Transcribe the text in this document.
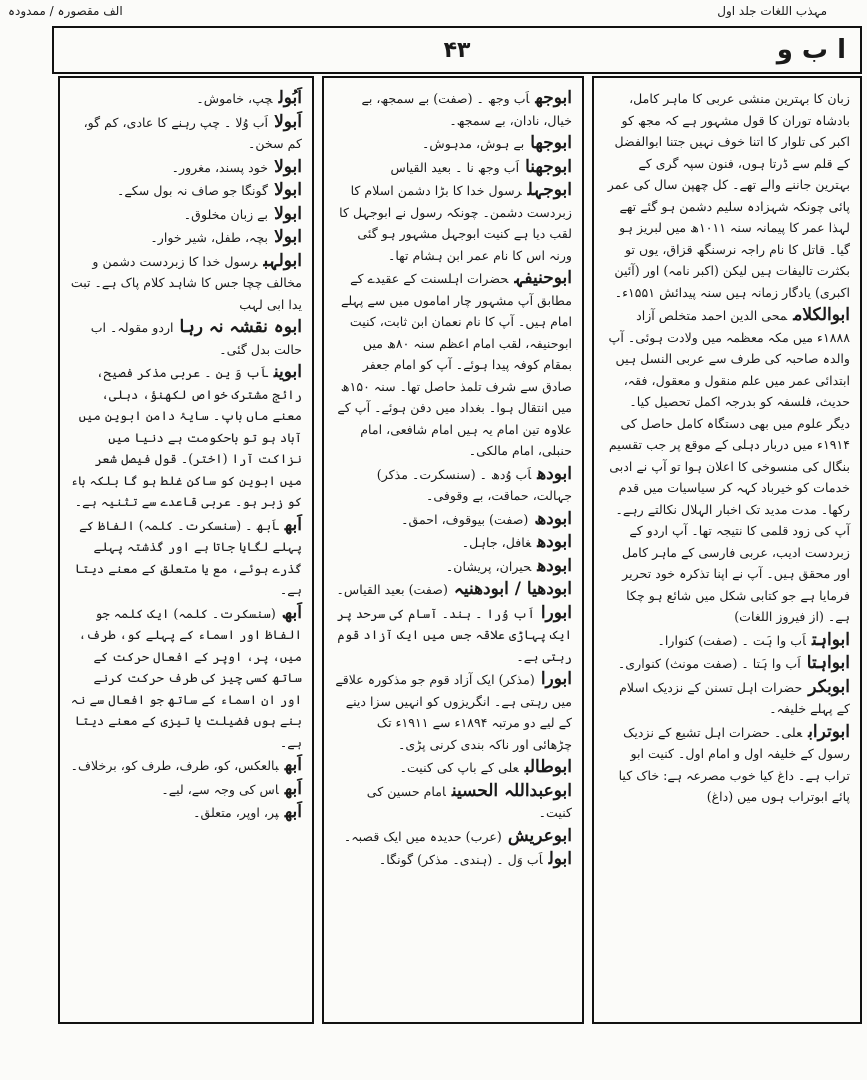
الف مقصورہ / ممدودہ	مہذب اللغات جلد اول
۴۳	ا ب و
زبان کا بہترین منشی عربی کا ماہر کامل، بادشاہ توران کا قول مشہور ہے کہ مجھ کو اکبر کی تلوار کا اتنا خوف نہیں جتنا ابوالفضل کے قلم سے ڈرتا ہوں، فنون سپہ گری کے بہترین جاننے والے تھے۔ کل چھپن سال کی عمر پائی چونکہ شہزادہ سلیم دشمن ہو گئے تھے لہذا عمر کا پیمانہ سنہ ۱۰۱۱ھ میں لبریز ہو گیا۔ قاتل کا نام راجہ نرسنگھ قزاق، یوں تو بکثرت تالیفات ہیں لیکن (اکبر نامہ) اور (آئین اکبری) یادگار زمانہ ہیں سنہ پیدائش ۱۵۵۱ء۔
ابوالکلاممحی الدین احمد متخلص آزاد ۱۸۸۸ء میں مکہ معظمہ میں ولادت ہوئی۔ آپ والدہ صاحبہ کی طرف سے عربی النسل ہیں ابتدائی عمر میں علم منقول و معقول، فقہ، حدیث، فلسفہ کو بدرجہ اکمل تحصیل کیا۔ دیگر علوم میں بھی دستگاہ کامل حاصل کی ۱۹۱۴ء میں دربار دہلی کے موقع پر جب تقسیم بنگال کی منسوخی کا اعلان ہوا تو آپ نے ادبی خدمات کو خیرباد کہہ کر سیاسیات میں قدم رکھا۔ مدت مدید تک اخبار الہلال نکالتے رہے۔ آپ کی زود قلمی کا نتیجہ تھا۔ آپ اردو کے زبردست ادیب، عربی فارسی کے ماہر کامل اور محقق ہیں۔ آپ نے اپنا تذکرہ خود تحریر فرمایا ہے جو کتابی شکل میں شائع ہو چکا ہے۔ (از فیروز اللغات)
ابواہتاَب وا ہَت ۔ (صفت) کنوارا۔
ابواہتااَب وا ہَتا ۔ (صفت مونث) کنواری۔
ابوبکرحضرات اہل تسنن کے نزدیک اسلام کے پہلے خلیفہ۔
ابوترابعلی۔ حضرات اہل تشیع کے نزدیک رسول کے خلیفہ اول و امام اول۔ کنیت ابو تراب ہے۔ داغ کیا خوب مصرعہ ہے: خاک کیا پائے ابوتراب ہوں میں (داغ)
ابوجھاَب وجھ ۔ (صفت) بے سمجھ، بے خیال، نادان، بے سمجھ۔
ابوجھابے ہوش، مدہوش۔
ابوجھنااَب وجھ نا ۔ بعید القیاس
ابوجہلرسول خدا کا بڑا دشمن اسلام کا زبردست دشمن۔ چونکہ رسول نے ابوجہل کا لقب دیا ہے کنیت ابوجہل مشہور ہو گئی ورنہ اس کا نام عمر ابن ہشام تھا۔
ابوحنیفہحضرات اہلسنت کے عقیدے کے مطابق آپ مشہور چار اماموں میں سے پہلے امام ہیں۔ آپ کا نام نعمان ابن ثابت، کنیت ابوحنیفہ، لقب امام اعظم سنہ ۸۰ھ میں بمقام کوفہ پیدا ہوئے۔ آپ کو امام جعفر صادق سے شرف تلمذ حاصل تھا۔ سنہ ۱۵۰ھ میں انتقال ہوا۔ بغداد میں دفن ہوئے۔ آپ کے علاوہ تین امام یہ ہیں امام شافعی، امام حنبلی، امام مالکی۔
ابودھاَب وُدھ ۔ (سنسکرت۔ مذکر) جہالت، حماقت، بے وقوفی۔
ابودھ(صفت) بیوقوف، احمق۔
ابودھغافل، جاہل۔
ابودھحیران، پریشان۔
ابودھیا / ابودھنیہ(صفت) بعید القیاس۔
ابورااَب وُرا ۔ ہند۔ آسام کی سرحد پر ایک پہاڑی علاقہ جس میں ایک آزاد قوم رہتی ہے۔
ابورا(مذکر) ایک آزاد قوم جو مذکورہ علاقے میں رہتی ہے۔ انگریزوں کو انہیں سزا دینے کے لیے دو مرتبہ ۱۸۹۴ء سے ۱۹۱۱ء تک چڑھائی اور ناکہ بندی کرنی پڑی۔
ابوطالبعلی کے باپ کی کنیت۔
ابوعبداللہ الحسینامام حسین کی کنیت۔
ابوعریش(عرب) حدیدہ میں ایک قصبہ۔
ابولاَب وَل ۔ (ہندی۔ مذکر) گونگا۔
اَبُولچپ، خاموش۔
اَبولااَب وُلا ۔ چپ رہنے کا عادی، کم گو، کم سخن۔
ابولاخود پسند، مغرور۔
ابولاگونگا جو صاف نہ بول سکے۔
ابولابے زبان مخلوق۔
ابولابچہ، طفل، شیر خوار۔
ابولہبرسول خدا کا زبردست دشمن و مخالف چچا جس کا شاہد کلام پاک ہے۔ تبت یدا ابی لہب
ابوہ نقشہ نہ رہااردو مقولہ۔ اب حالت بدل گئی۔
ابویناَب وَ ین ۔ عربی مذکر فصیح، رائج مشترک خواص لکھنؤ، دہلی، معنے ماں باپ۔ سایۂ دامن ابوین میں آباد ہو تو باحکومت ہے دنیا میں نزاکت آرا (اختر)۔ قول فیصل شعر میں ابوین کو ساکن غلط ہو گا بلکہ باء کو زبر ہو۔ عربی قاعدے سے تثنیہ ہے۔
اَبھاَبھ ۔ (سنسکرت۔ کلمہ) الفاظ کے پہلے لگایا جاتا ہے اور گذشتہ پہلے گذرے ہوئے، مع یا متعلق کے معنے دیتا ہے۔
اَبھ(سنسکرت۔ کلمہ) ایک کلمہ جو الفاظ اور اسماء کے پہلے کو، طرف، میں، پر، اوپر کے افعال حرکت کے ساتھ کسی چیز کی طرف حرکت کرنے اور ان اسماء کے ساتھ جو افعال سے نہ بنے ہوں فضیلت یا تیزی کے معنے دیتا ہے۔
اَبھبالعکس، کو، طرف، طرف کو، برخلاف۔
اَبھاس کی وجہ سے، لیے۔
اَبھپر، اوپر، متعلق۔
